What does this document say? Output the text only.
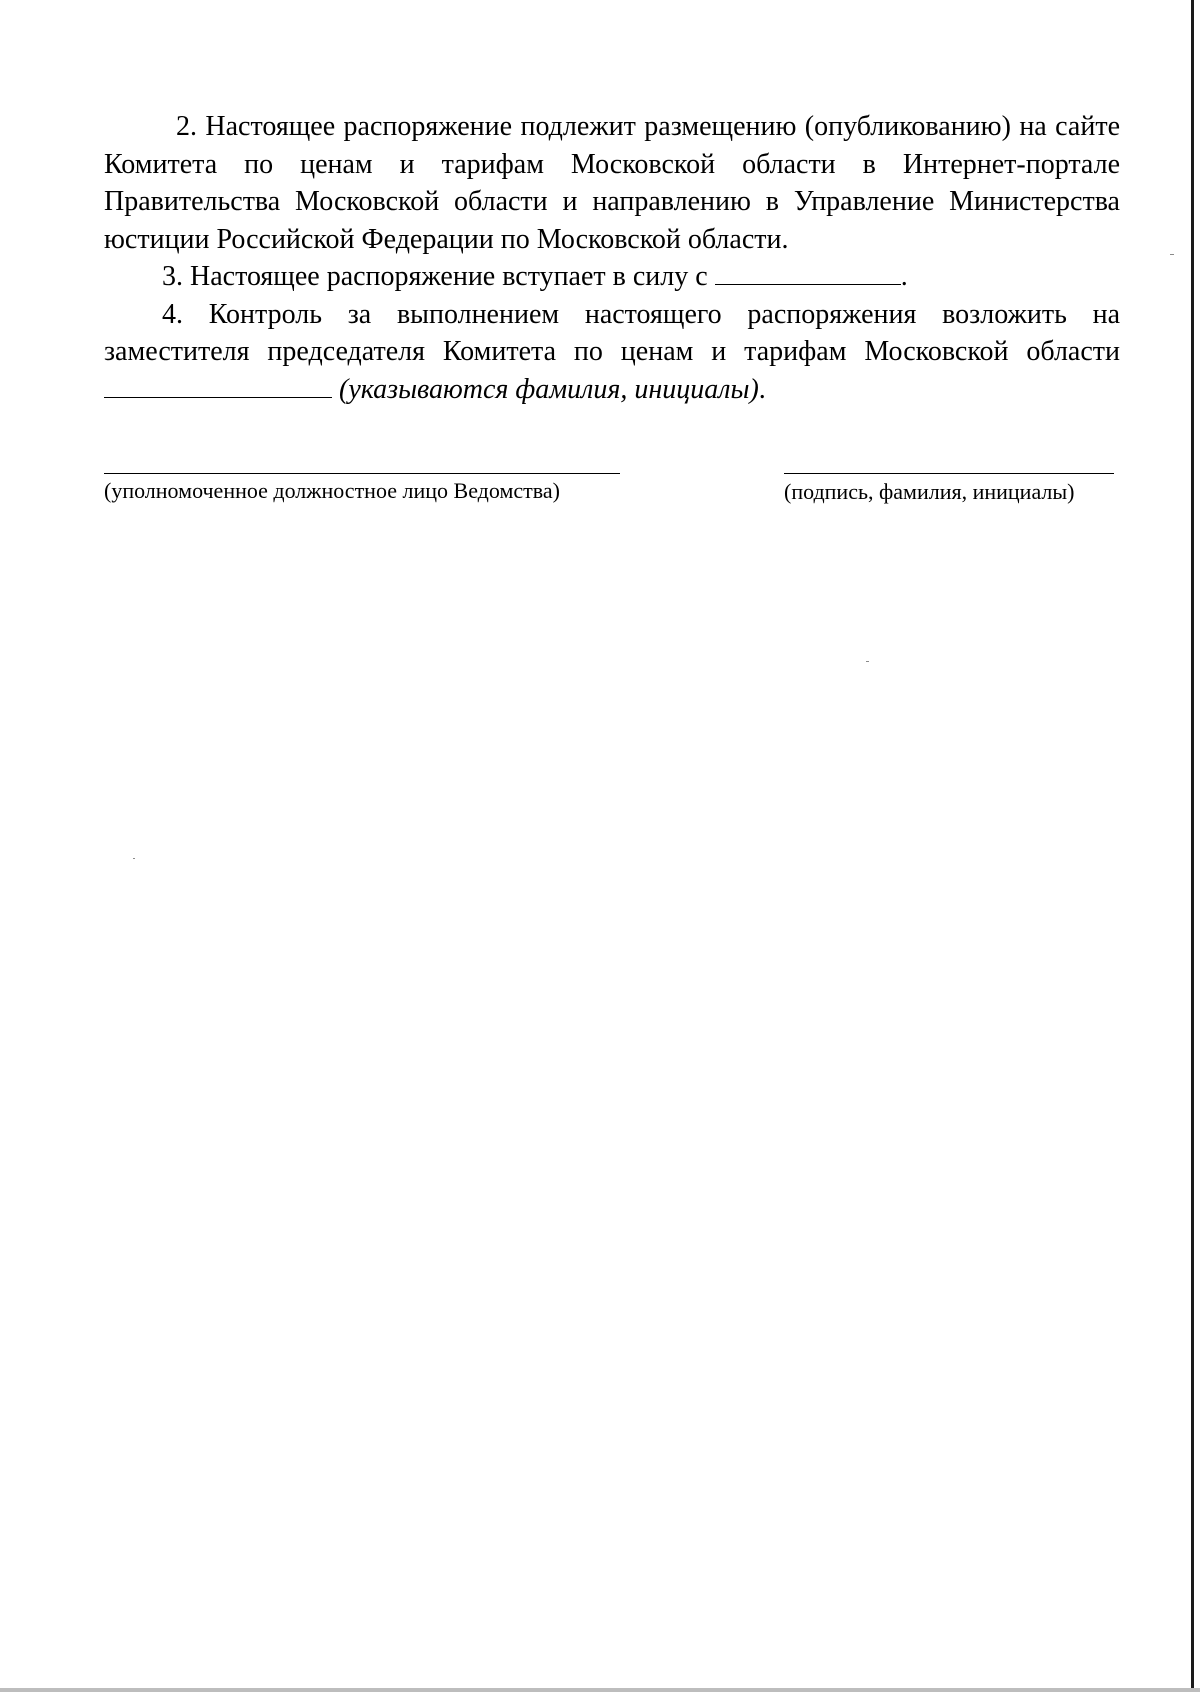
2. Настоящее распоряжение подлежит размещению (опубликованию) на сайте Комитета по ценам и тарифам Московской области в Интернет-портале Правительства Московской области и направлению в Управление Министерства юстиции Российской Федерации по Московской области.

3. Настоящее распоряжение вступает в силу с	.

4. Контроль за выполнением настоящего распоряжения возложить на заместителя председателя Комитета по ценам и тарифам Московской области  (указываются фамилия, инициалы).

(уполномоченное должностное лицо Ведомства)	(подпись, фамилия, инициалы)
